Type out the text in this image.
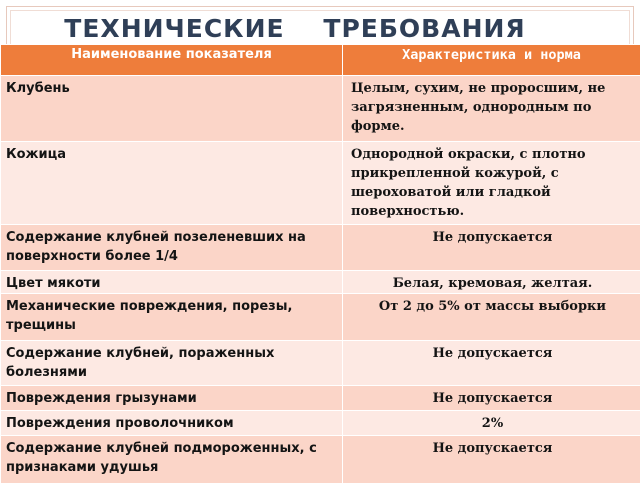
ТЕХНИЧЕСКИЕ    ТРЕБОВАНИЯ
Наименование показателя	Характеристика и норма
Клубень	Целым, сухим, не проросшим, не загрязненным, однородным по форме.
Кожица	Однородной окраски, с плотно прикрепленной кожурой, с шероховатой или гладкой поверхностью.
Содержание клубней позеленевших на поверхности более 1/4	Не допускается
Цвет мякоти	Белая, кремовая, желтая.
Механические повреждения, порезы, трещины	От 2 до 5% от массы выборки
Содержание клубней, пораженных болезнями	Не допускается
Повреждения грызунами	Не допускается
Повреждения проволочником	2%
Содержание клубней подмороженных, с признаками удушья	Не допускается
